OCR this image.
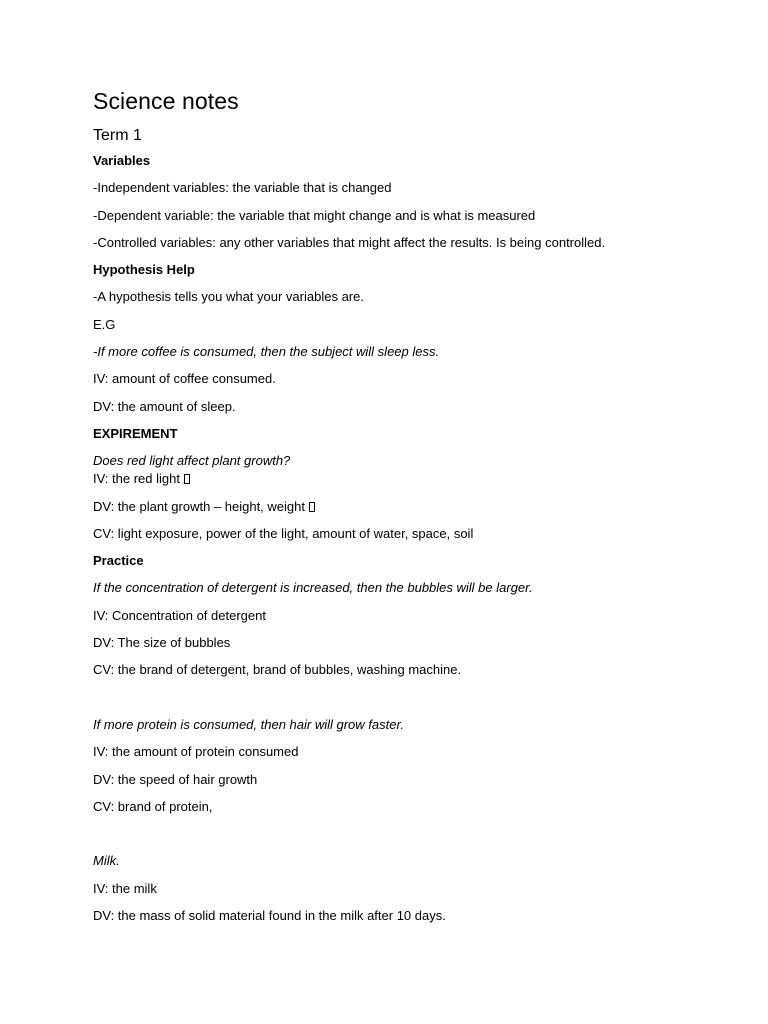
Science notes
Term 1
Variables
-Independent variables: the variable that is changed
-Dependent variable: the variable that might change and is what is measured
-Controlled variables: any other variables that might affect the results. Is being controlled.
Hypothesis Help
-A hypothesis tells you what your variables are.
E.G
-If more coffee is consumed, then the subject will sleep less.
IV: amount of coffee consumed.
DV: the amount of sleep.
EXPIREMENT
Does red light affect plant growth?
IV: the red light
DV: the plant growth – height, weight
CV: light exposure, power of the light, amount of water, space, soil
Practice
If the concentration of detergent is increased, then the bubbles will be larger.
IV: Concentration of detergent
DV: The size of bubbles
CV: the brand of detergent, brand of bubbles, washing machine.
If more protein is consumed, then hair will grow faster.
IV: the amount of protein consumed
DV: the speed of hair growth
CV: brand of protein,
Milk.
IV: the milk
DV: the mass of solid material found in the milk after 10 days.
